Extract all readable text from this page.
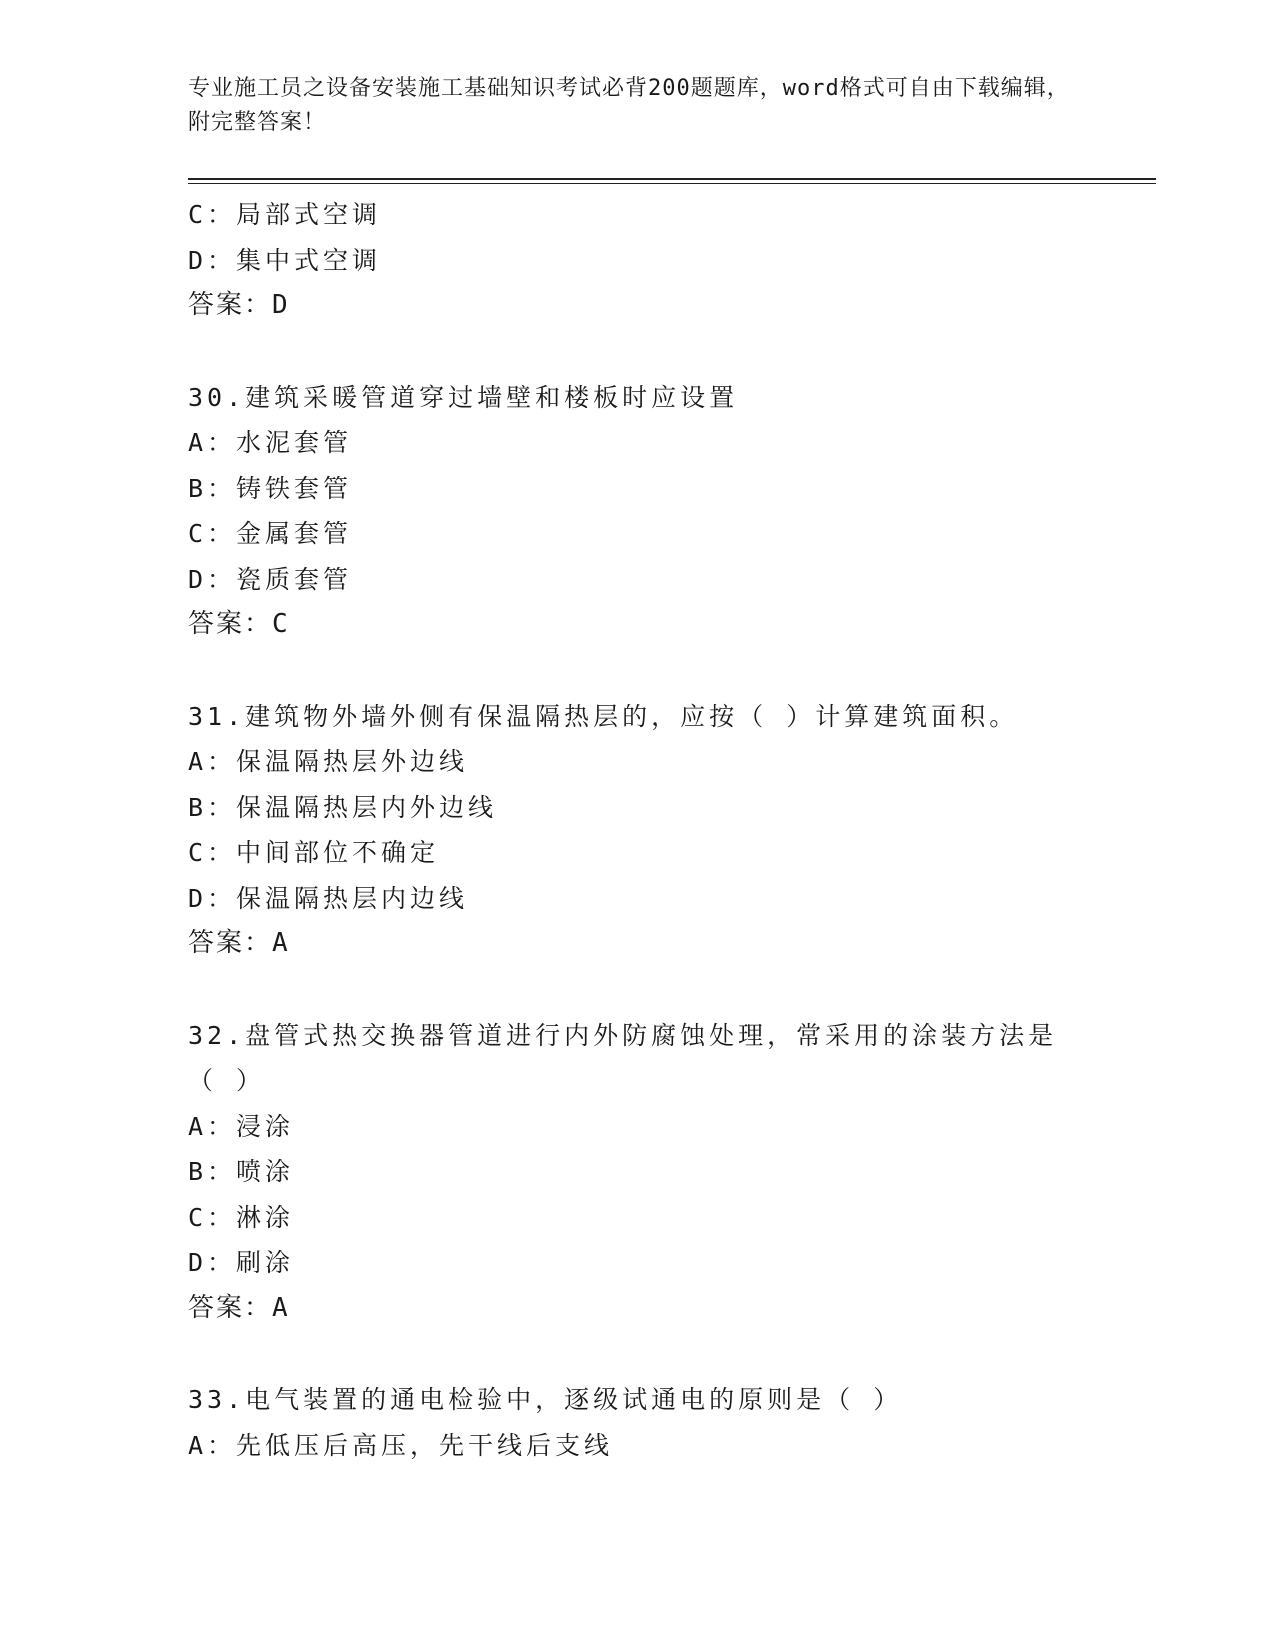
专业施工员之设备安装施工基础知识考试必背200题题库，word格式可自由下载编辑，附完整答案！
C：局部式空调
D：集中式空调
答案：D
30.建筑采暖管道穿过墙壁和楼板时应设置
A：水泥套管
B：铸铁套管
C：金属套管
D：瓷质套管
答案：C
31.建筑物外墙外侧有保温隔热层的，应按（ ）计算建筑面积。
A：保温隔热层外边线
B：保温隔热层内外边线
C：中间部位不确定
D：保温隔热层内边线
答案：A
32.盘管式热交换器管道进行内外防腐蚀处理，常采用的涂装方法是（ ）
A：浸涂
B：喷涂
C：淋涂
D：刷涂
答案：A
33.电气装置的通电检验中，逐级试通电的原则是（ ）
A：先低压后高压，先干线后支线
